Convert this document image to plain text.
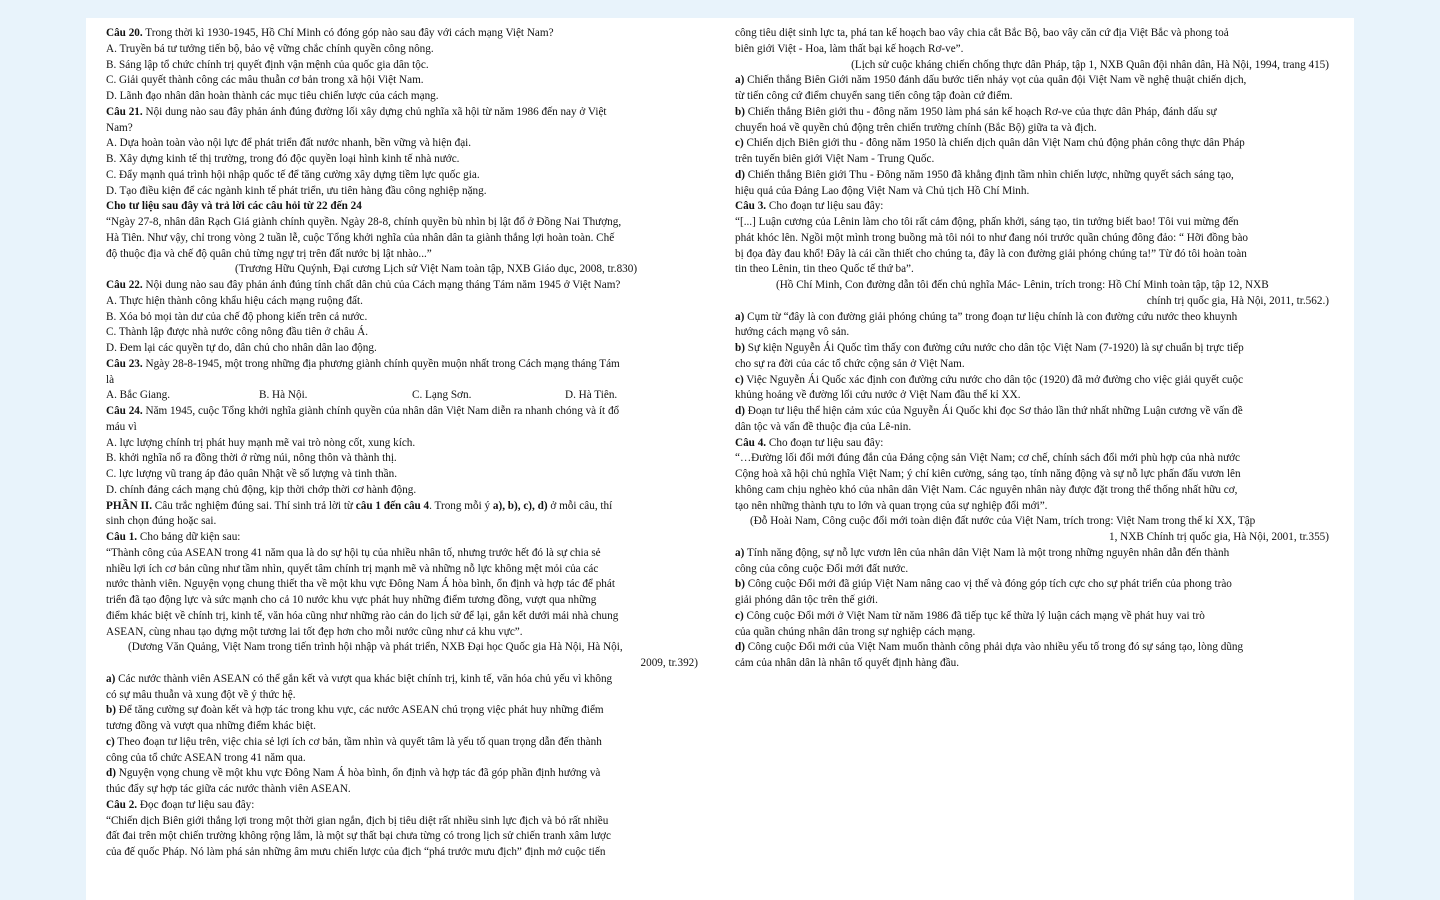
Câu 20. Trong thời kì 1930-1945, Hồ Chí Minh có đóng góp nào sau đây với cách mạng Việt Nam?
A. Truyền bá tư tưởng tiến bộ, bảo vệ vững chắc chính quyền công nông.
B. Sáng lập tổ chức chính trị quyết định vận mệnh của quốc gia dân tộc.
C. Giải quyết thành công các mâu thuẫn cơ bản trong xã hội Việt Nam.
D. Lãnh đạo nhân dân hoàn thành các mục tiêu chiến lược của cách mạng.
Câu 21. Nội dung nào sau đây phản ánh đúng đường lối xây dựng chủ nghĩa xã hội từ năm 1986 đến nay ở Việt
Nam?
A. Dựa hoàn toàn vào nội lực để phát triển đất nước nhanh, bền vững và hiện đại.
B. Xây dựng kinh tế thị trường, trong đó độc quyền loại hình kinh tế nhà nước.
C. Đẩy mạnh quá trình hội nhập quốc tế để tăng cường xây dựng tiềm lực quốc gia.
D. Tạo điều kiện để các ngành kinh tế phát triển, ưu tiên hàng đầu công nghiệp nặng.
Cho tư liệu sau đây và trả lời các câu hỏi từ 22 đến 24
“Ngày 27-8, nhân dân Rạch Giá giành chính quyền. Ngày 28-8, chính quyền bù nhìn bị lật đổ ở Đồng Nai Thượng,
Hà Tiên. Như vậy, chỉ trong vòng 2 tuần lễ, cuộc Tổng khởi nghĩa của nhân dân ta giành thắng lợi hoàn toàn. Chế
độ thuộc địa và chế độ quân chủ từng ngự trị trên đất nước bị lật nhào...”
(Trương Hữu Quýnh, Đại cương Lịch sử Việt Nam toàn tập, NXB Giáo dục, 2008, tr.830)
Câu 22. Nội dung nào sau đây phản ánh đúng tính chất dân chủ của Cách mạng tháng Tám năm 1945 ở Việt Nam?
A. Thực hiện thành công khẩu hiệu cách mạng ruộng đất.
B. Xóa bỏ mọi tàn dư của chế độ phong kiến trên cả nước.
C. Thành lập được nhà nước công nông đầu tiên ở châu Á.
D. Đem lại các quyền tự do, dân chủ cho nhân dân lao động.
Câu 23. Ngày 28-8-1945, một trong những địa phương giành chính quyền muộn nhất trong Cách mạng tháng Tám
là
A. Bắc Giang.	B. Hà Nội.	C. Lạng Sơn.	D. Hà Tiên.
Câu 24. Năm 1945, cuộc Tổng khởi nghĩa giành chính quyền của nhân dân Việt Nam diễn ra nhanh chóng và ít đổ
máu vì
A. lực lượng chính trị phát huy mạnh mẽ vai trò nòng cốt, xung kích.
B. khởi nghĩa nổ ra đồng thời ở rừng núi, nông thôn và thành thị.
C. lực lượng vũ trang áp đảo quân Nhật về số lượng và tinh thần.
D. chính đảng cách mạng chủ động, kịp thời chớp thời cơ hành động.
PHẦN II. Câu trắc nghiệm đúng sai. Thí sinh trả lời từ câu 1 đến câu 4. Trong mỗi ý a), b), c), d) ở mỗi câu, thí
sinh chọn đúng hoặc sai.
Câu 1. Cho bảng dữ kiện sau:
“Thành công của ASEAN trong 41 năm qua là do sự hội tụ của nhiều nhân tố, nhưng trước hết đó là sự chia sẻ
nhiều lợi ích cơ bản cũng như tầm nhìn, quyết tâm chính trị mạnh mẽ và những nỗ lực không mệt mỏi của các
nước thành viên. Nguyện vọng chung thiết tha về một khu vực Đông Nam Á hòa bình, ổn định và hợp tác để phát
triển đã tạo động lực và sức mạnh cho cả 10 nước khu vực phát huy những điểm tương đồng, vượt qua những
điểm khác biệt về chính trị, kinh tế, văn hóa cũng như những rào cản do lịch sử để lại, gắn kết dưới mái nhà chung
ASEAN, cùng nhau tạo dựng một tương lai tốt đẹp hơn cho mỗi nước cũng như cả khu vực”.
(Dương Văn Quảng, Việt Nam trong tiến trình hội nhập và phát triển, NXB Đại học Quốc gia Hà Nội, Hà Nội,
2009, tr.392)
a) Các nước thành viên ASEAN có thể gắn kết và vượt qua khác biệt chính trị, kinh tế, văn hóa chủ yếu vì không
có sự mâu thuẫn và xung đột về ý thức hệ.
b) Để tăng cường sự đoàn kết và hợp tác trong khu vực, các nước ASEAN chú trọng việc phát huy những điểm
tương đồng và vượt qua những điểm khác biệt.
c) Theo đoạn tư liệu trên, việc chia sẻ lợi ích cơ bản, tầm nhìn và quyết tâm là yếu tố quan trọng dẫn đến thành
công của tổ chức ASEAN trong 41 năm qua.
d) Nguyện vọng chung về một khu vực Đông Nam Á hòa bình, ổn định và hợp tác đã góp phần định hướng và
thúc đẩy sự hợp tác giữa các nước thành viên ASEAN.
Câu 2. Đọc đoạn tư liệu sau đây:
“Chiến dịch Biên giới thắng lợi trong một thời gian ngắn, địch bị tiêu diệt rất nhiều sinh lực địch và bỏ rất nhiều
đất đai trên một chiến trường không rộng lắm, là một sự thất bại chưa từng có trong lịch sử chiến tranh xâm lược
của đế quốc Pháp. Nó làm phá sản những âm mưu chiến lược của địch “phá trước mưu địch” định mở cuộc tiến
công tiêu diệt sinh lực ta, phá tan kế hoạch bao vây chia cắt Bắc Bộ, bao vây căn cứ địa Việt Bắc và phong toả
biên giới Việt - Hoa, làm thất bại kế hoạch Rơ-ve”.
(Lịch sử cuộc kháng chiến chống thực dân Pháp, tập 1, NXB Quân đội nhân dân, Hà Nội, 1994, trang 415)
a) Chiến thắng Biên Giới năm 1950 đánh dấu bước tiến nhảy vọt của quân đội Việt Nam về nghệ thuật chiến dịch,
từ tiến công cứ điểm chuyển sang tiến công tập đoàn cứ điểm.
b) Chiến thắng Biên giới thu - đông năm 1950 làm phá sản kế hoạch Rơ-ve của thực dân Pháp, đánh dấu sự
chuyển hoá về quyền chủ động trên chiến trường chính (Bắc Bộ) giữa ta và địch.
c) Chiến dịch Biên giới thu - đông năm 1950 là chiến dịch quân dân Việt Nam chủ động phản công thực dân Pháp
trên tuyến biên giới Việt Nam - Trung Quốc.
d) Chiến thắng Biên giới Thu - Đông năm 1950 đã khẳng định tầm nhìn chiến lược, những quyết sách sáng tạo,
hiệu quả của Đảng Lao động Việt Nam và Chủ tịch Hồ Chí Minh.
Câu 3. Cho đoạn tư liệu sau đây:
“[...] Luận cương của Lênin làm cho tôi rất cảm động, phấn khởi, sáng tạo, tin tưởng biết bao! Tôi vui mừng đến
phát khóc lên. Ngồi một mình trong buồng mà tôi nói to như đang nói trước quần chúng đông đảo: “ Hỡi đồng bào
bị đọa đày đau khổ! Đây là cái cần thiết cho chúng ta, đây là con đường giải phóng chúng ta!” Từ đó tôi hoàn toàn
tin theo Lênin, tin theo Quốc tế thứ ba”.
(Hồ Chí Minh, Con đường dẫn tôi đến chủ nghĩa Mác- Lênin, trích trong: Hồ Chí Minh toàn tập, tập 12, NXB
chính trị quốc gia, Hà Nội, 2011, tr.562.)
a) Cụm từ “đây là con đường giải phóng chúng ta” trong đoạn tư liệu chính là con đường cứu nước theo khuynh
hướng cách mạng vô sản.
b) Sự kiện Nguyễn Ái Quốc tìm thấy con đường cứu nước cho dân tộc Việt Nam (7-1920) là sự chuẩn bị trực tiếp
cho sự ra đời của các tổ chức cộng sản ở Việt Nam.
c) Việc Nguyễn Ái Quốc xác định con đường cứu nước cho dân tộc (1920) đã mở đường cho việc giải quyết cuộc
khủng hoảng về đường lối cứu nước ở Việt Nam đầu thế kỉ XX.
d) Đoạn tư liệu thể hiện cảm xúc của Nguyễn Ái Quốc khi đọc Sơ thảo lần thứ nhất những Luận cương về vấn đề
dân tộc và vấn đề thuộc địa của Lê-nin.
Câu 4. Cho đoạn tư liệu sau đây:
“…Đường lối đổi mới đúng đắn của Đảng cộng sản Việt Nam; cơ chế, chính sách đổi mới phù hợp của nhà nước
Cộng hoà xã hội chủ nghĩa Việt Nam; ý chí kiên cường, sáng tạo, tính năng động và sự nỗ lực phấn đấu vươn lên
không cam chịu nghèo khó của nhân dân Việt Nam. Các nguyên nhân này được đặt trong thể thống nhất hữu cơ,
tạo nên những thành tựu to lớn và quan trọng của sự nghiệp đổi mới”.
(Đỗ Hoài Nam, Công cuộc đổi mới toàn diện đất nước của Việt Nam, trích trong: Việt Nam trong thế kỉ XX, Tập
1, NXB Chính trị quốc gia, Hà Nội, 2001, tr.355)
a) Tính năng động, sự nỗ lực vươn lên của nhân dân Việt Nam là một trong những nguyên nhân dẫn đến thành
công của công cuộc Đổi mới đất nước.
b) Công cuộc Đổi mới đã giúp Việt Nam nâng cao vị thế và đóng góp tích cực cho sự phát triển của phong trào
giải phóng dân tộc trên thế giới.
c) Công cuộc Đổi mới ở Việt Nam từ năm 1986 đã tiếp tục kế thừa lý luận cách mạng về phát huy vai trò
của quần chúng nhân dân trong sự nghiệp cách mạng.
d) Công cuộc Đổi mới của Việt Nam muốn thành công phải dựa vào nhiều yếu tố trong đó sự sáng tạo, lòng dũng
cảm của nhân dân là nhân tố quyết định hàng đầu.
